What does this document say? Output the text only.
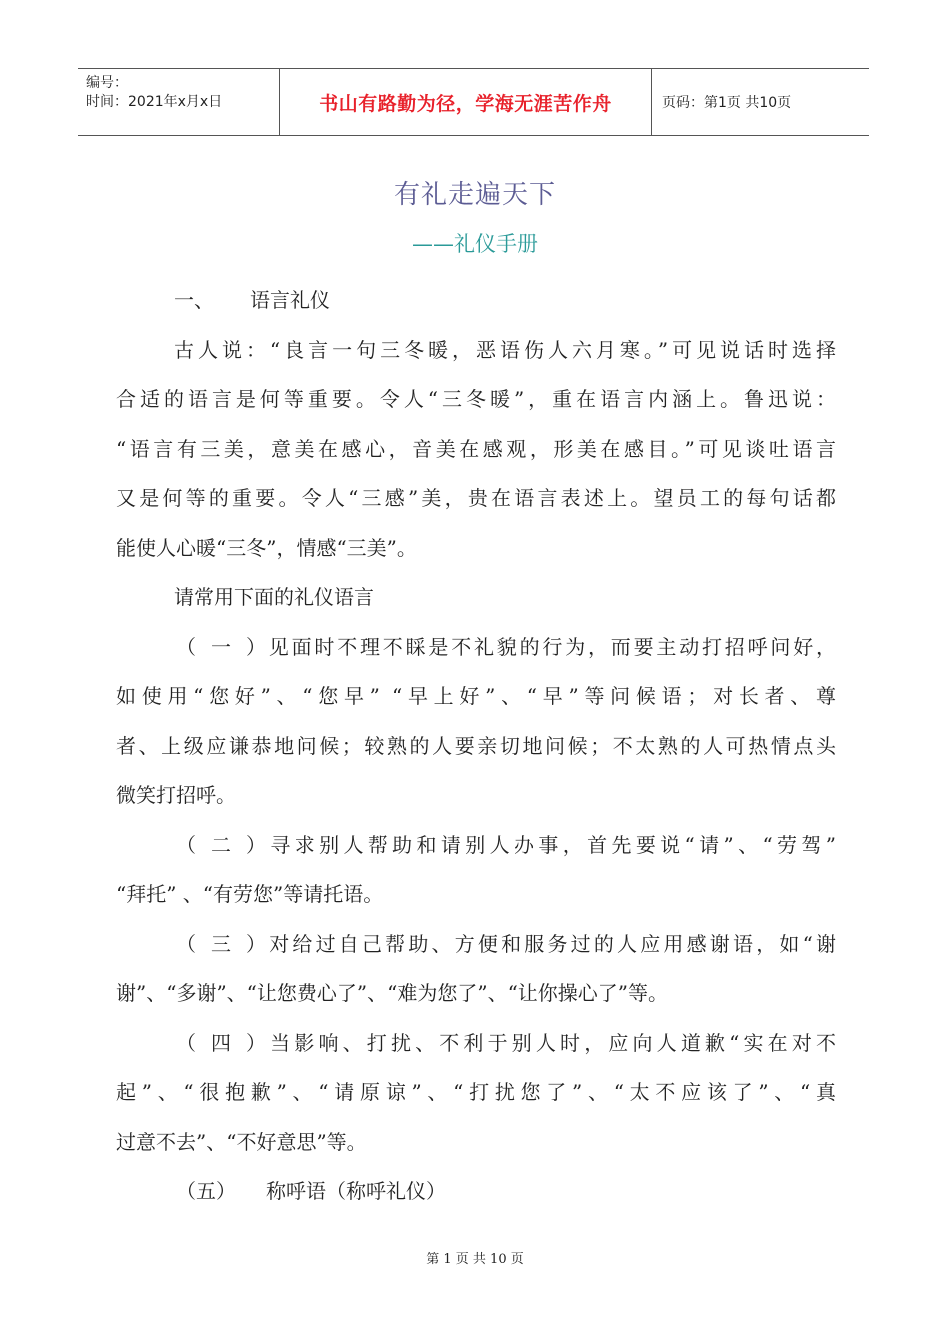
编号：
时间：2021年x月x日	书山有路勤为径，学海无涯苦作舟	页码：第1页 共10页
有礼走遍天下
——礼仪手册
一、 语言礼仪
古人说：“良言一句三冬暖，恶语伤人六月寒。”可见说话时选择
合适的语言是何等重要。令人“三冬暖”，重在语言内涵上。鲁迅说：
“语言有三美，意美在感心，音美在感观，形美在感目。”可见谈吐语言
又是何等的重要。令人“三感”美，贵在语言表述上。望员工的每句话都
能使人心暖“三冬”，情感“三美”。
请常用下面的礼仪语言
（一）见面时不理不睬是不礼貌的行为，而要主动打招呼问好，
如使用“您好”、“您早” “早上好”、“早”等问候语；对长者、尊
者、上级应谦恭地问候；较熟的人要亲切地问候；不太熟的人可热情点头
微笑打招呼。
（二）寻求别人帮助和请别人办事，首先要说“请”、“劳驾”
“拜托” 、“有劳您”等请托语。
（三）对给过自己帮助、方便和服务过的人应用感谢语，如“谢
谢”、“多谢”、“让您费心了”、“难为您了”、“让你操心了”等。
（四）当影响、打扰、不利于别人时，应向人道歉“实在对不
起”、“很抱歉”、“请原谅”、“打扰您了”、“太不应该了”、“真
过意不去”、“不好意思”等。
（五） 称呼语（称呼礼仪）
第 1 页 共 10 页
